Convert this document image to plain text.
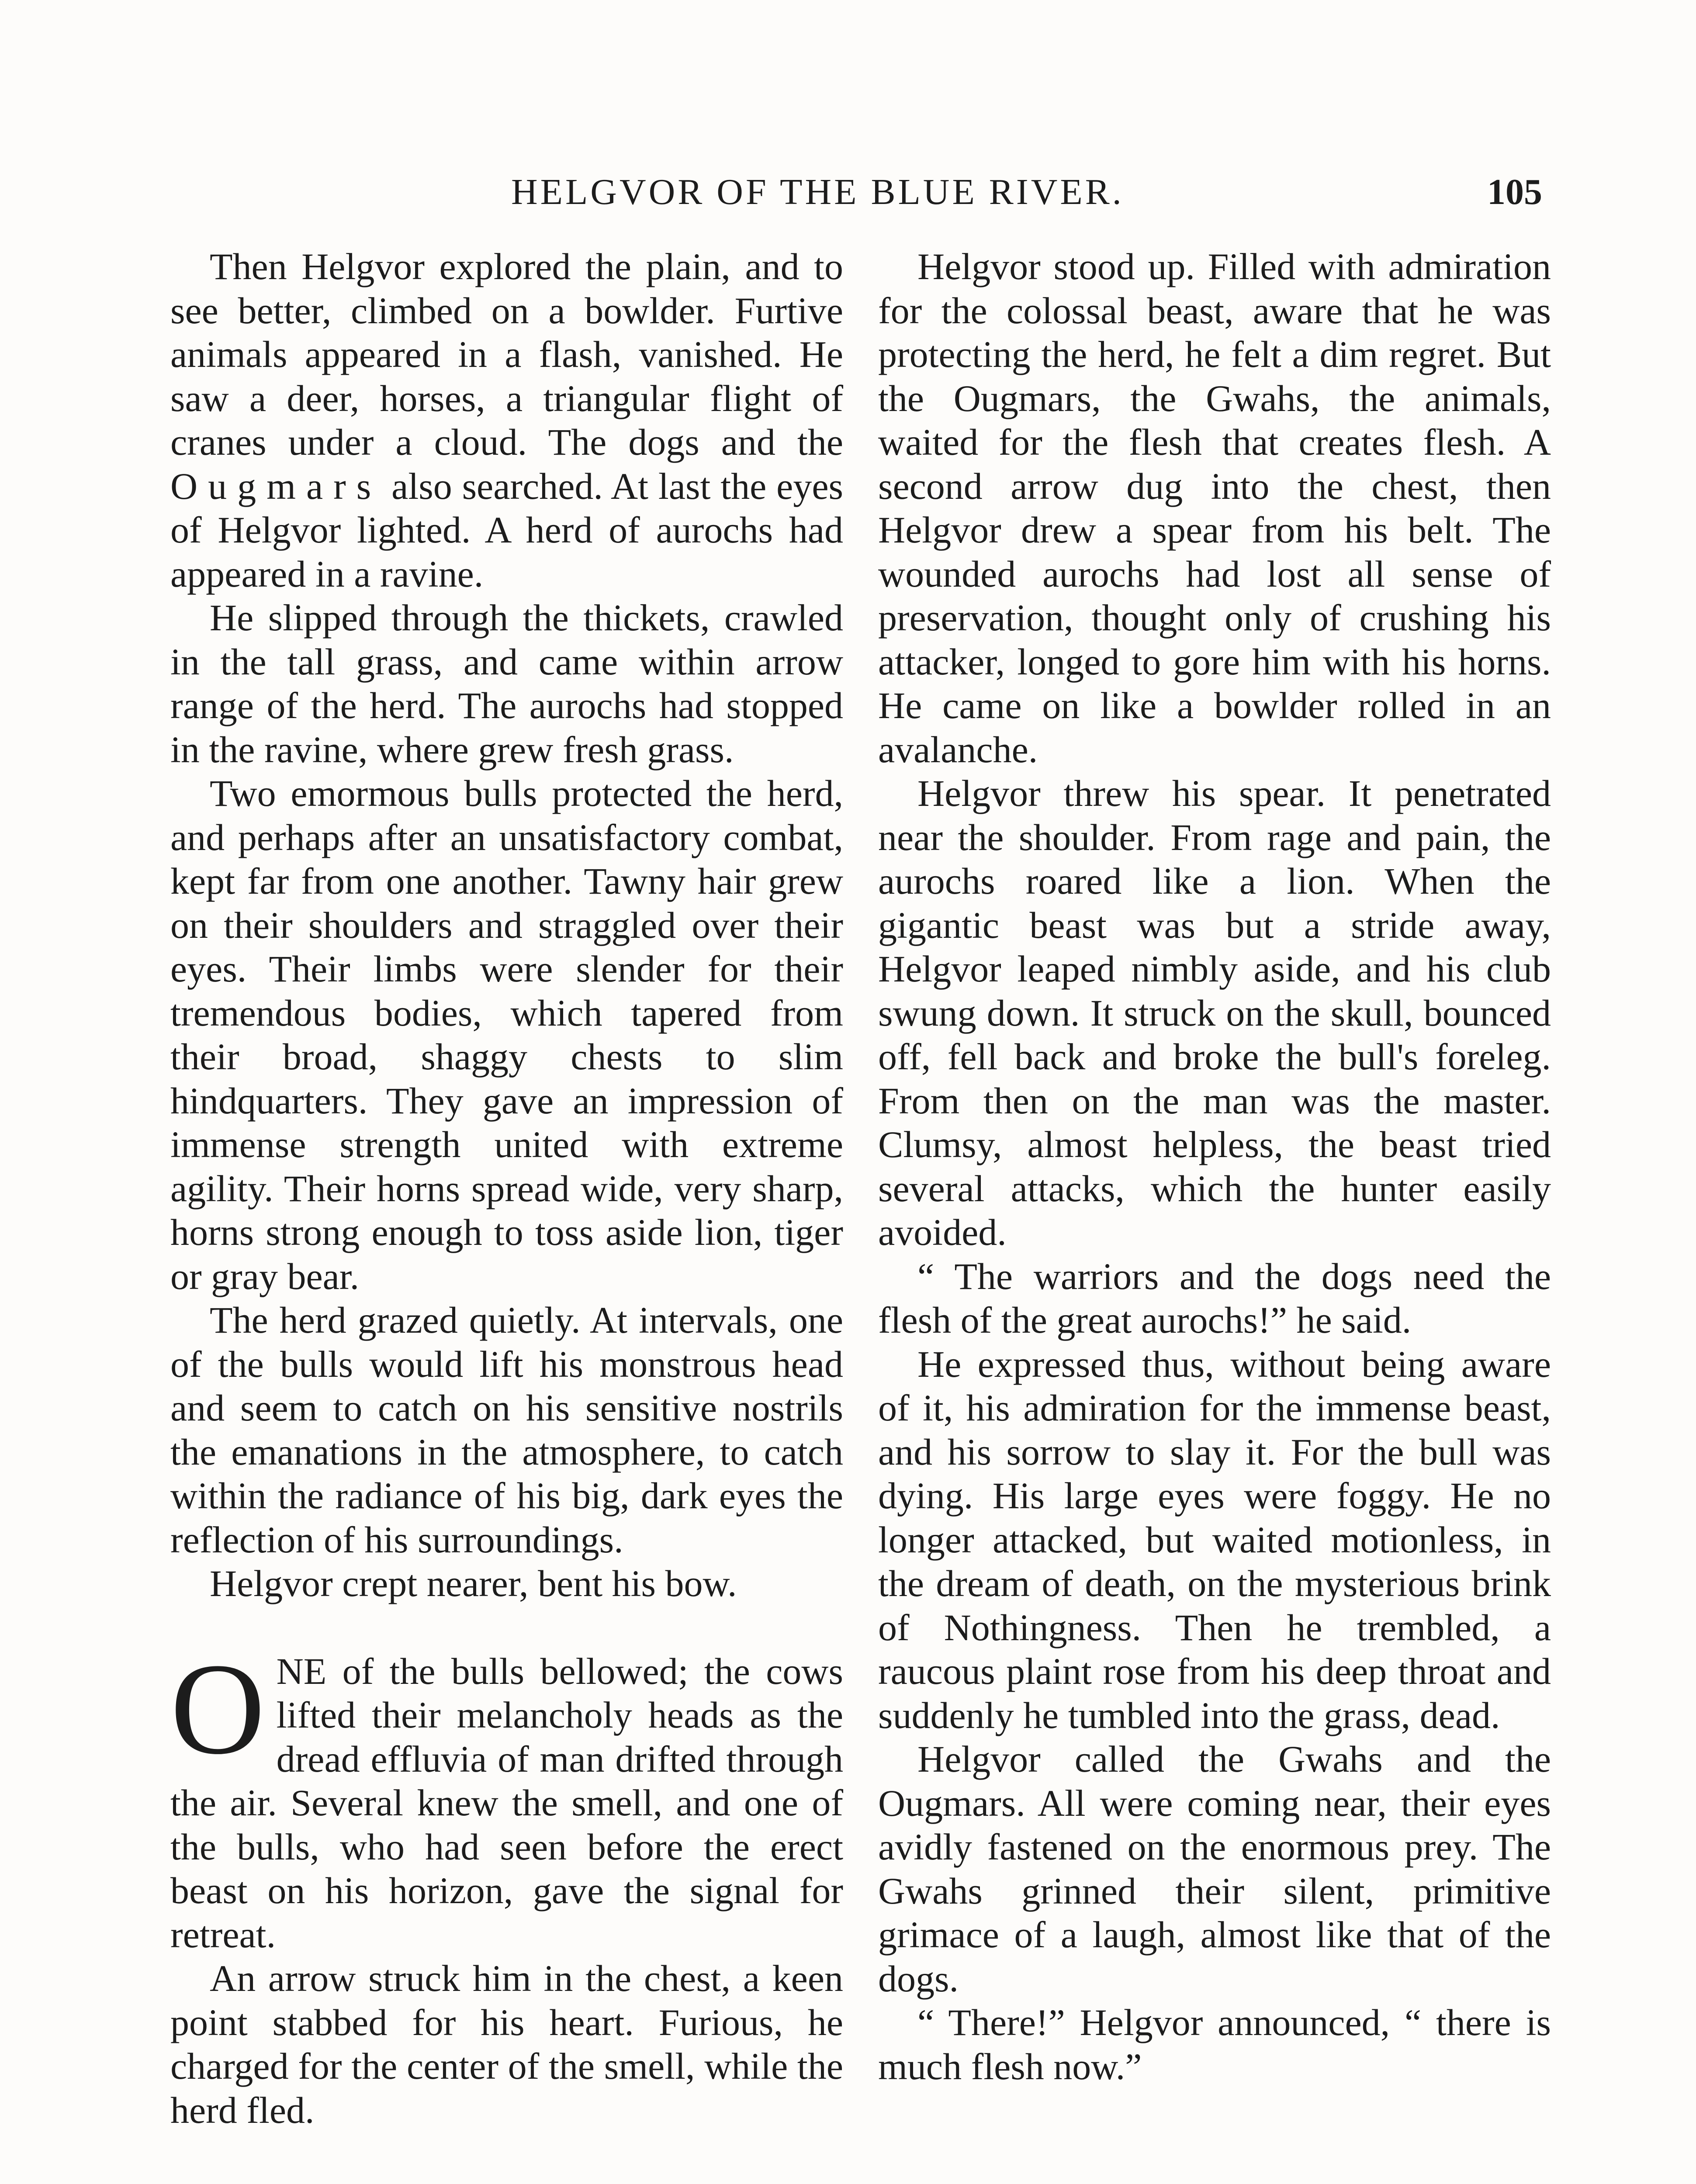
HELGVOR OF THE BLUE RIVER.	105

Then Helgvor explored the plain, and to see better, climbed on a bowlder. Furtive animals appeared in a flash, vanished. He saw a deer, horses, a triangular flight of cranes under a cloud. The dogs and the Ougmars also searched. At last the eyes of Helgvor lighted. A herd of aurochs had appeared in a ravine.

He slipped through the thickets, crawled in the tall grass, and came within arrow range of the herd. The aurochs had stopped in the ravine, where grew fresh grass.

Two emormous bulls protected the herd, and perhaps after an unsatisfactory combat, kept far from one another. Tawny hair grew on their shoulders and straggled over their eyes. Their limbs were slender for their tremendous bodies, which tapered from their broad, shaggy chests to slim hindquarters. They gave an impression of immense strength united with extreme agility. Their horns spread wide, very sharp, horns strong enough to toss aside lion, tiger or gray bear.

The herd grazed quietly. At intervals, one of the bulls would lift his monstrous head and seem to catch on his sensitive nostrils the emanations in the atmosphere, to catch within the radiance of his big, dark eyes the reflection of his surroundings.

Helgvor crept nearer, bent his bow.

ONE of the bulls bellowed; the cows lifted their melancholy heads as the dread effluvia of man drifted through the air. Several knew the smell, and one of the bulls, who had seen before the erect beast on his horizon, gave the signal for retreat.

An arrow struck him in the chest, a keen point stabbed for his heart. Furious, he charged for the center of the smell, while the herd fled.

Helgvor stood up. Filled with admiration for the colossal beast, aware that he was protecting the herd, he felt a dim regret. But the Ougmars, the Gwahs, the animals, waited for the flesh that creates flesh. A second arrow dug into the chest, then Helgvor drew a spear from his belt. The wounded aurochs had lost all sense of preservation, thought only of crushing his attacker, longed to gore him with his horns. He came on like a bowlder rolled in an avalanche.

Helgvor threw his spear. It penetrated near the shoulder. From rage and pain, the aurochs roared like a lion. When the gigantic beast was but a stride away, Helgvor leaped nimbly aside, and his club swung down. It struck on the skull, bounced off, fell back and broke the bull's foreleg. From then on the man was the master. Clumsy, almost helpless, the beast tried several attacks, which the hunter easily avoided.

“ The warriors and the dogs need the flesh of the great aurochs!” he said.

He expressed thus, without being aware of it, his admiration for the immense beast, and his sorrow to slay it. For the bull was dying. His large eyes were foggy. He no longer attacked, but waited motionless, in the dream of death, on the mysterious brink of Nothingness. Then he trembled, a raucous plaint rose from his deep throat and suddenly he tumbled into the grass, dead.

Helgvor called the Gwahs and the Ougmars. All were coming near, their eyes avidly fastened on the enormous prey. The Gwahs grinned their silent, primitive grimace of a laugh, almost like that of the dogs.

“ There!” Helgvor announced, “ there is much flesh now.”
